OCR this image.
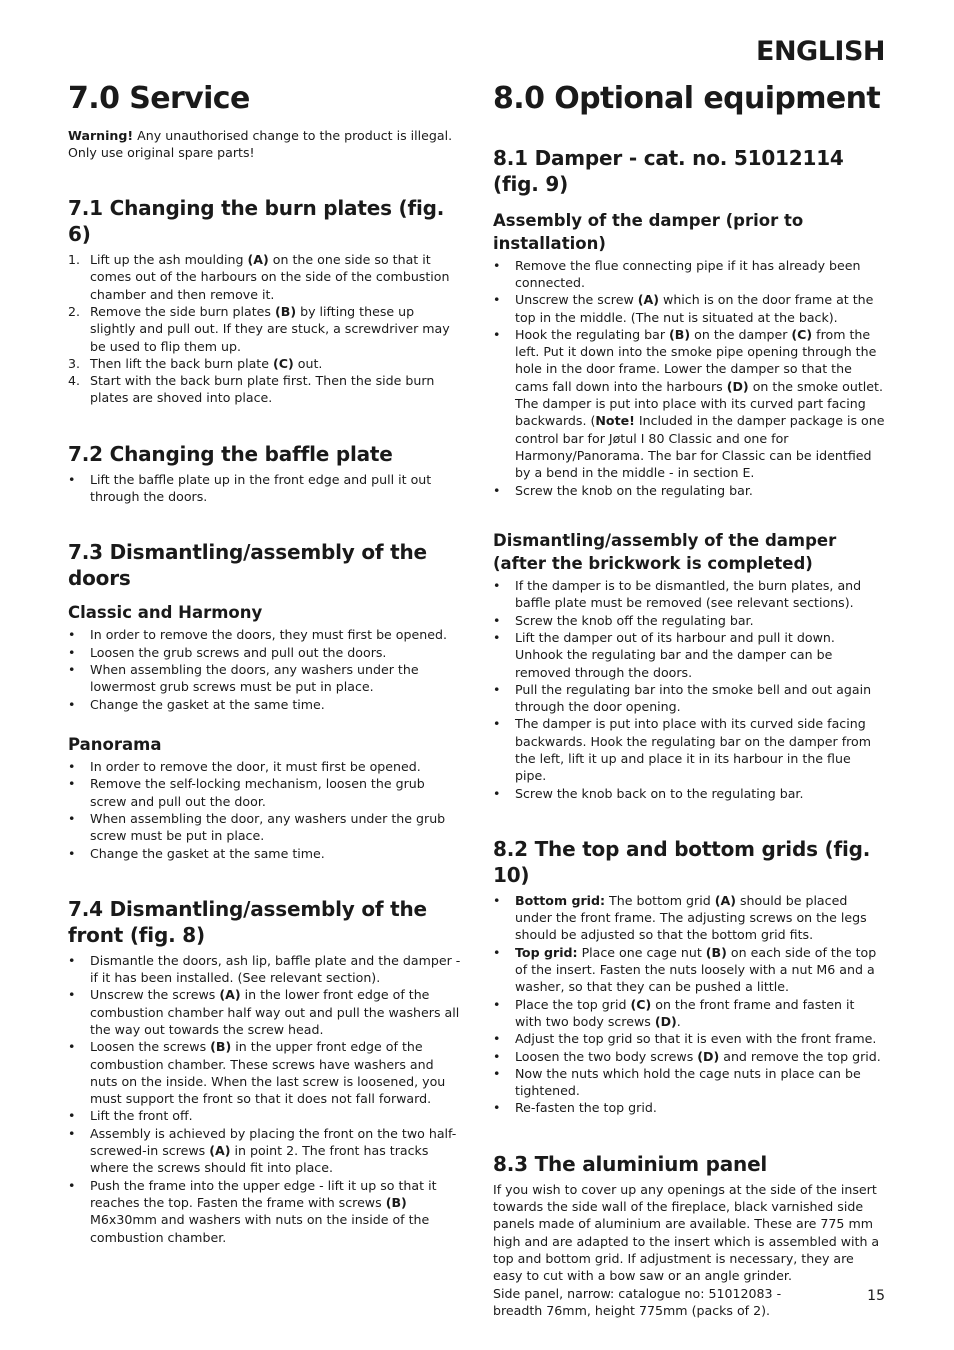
ENGLISH
7.0 Service

Warning! Any unauthorised change to the product is illegal. Only use original spare parts!

7.1 Changing the burn plates (fig. 6)
1. Lift up the ash moulding (A) on the one side so that it comes out of the harbours on the side of the combustion chamber and then remove it.
2. Remove the side burn plates (B) by lifting these up slightly and pull out. If they are stuck, a screwdriver may be used to flip them up.
3. Then lift the back burn plate (C) out.
4. Start with the back burn plate first. Then the side burn plates are shoved into place.
7.2 Changing the baffle plate
• Lift the baffle plate up in the front edge and pull it out through the doors.
7.3 Dismantling/assembly of the doors
Classic and Harmony
• In order to remove the doors, they must first be opened.
• Loosen the grub screws and pull out the doors.
• When assembling the doors, any washers under the lowermost grub screws must be put in place.
• Change the gasket at the same time.
Panorama
• In order to remove the door, it must first be opened.
• Remove the self-locking mechanism, loosen the grub screw and pull out the door.
• When assembling the door, any washers under the grub screw must be put in place.
• Change the gasket at the same time.
7.4 Dismantling/assembly of the front (fig. 8)
• Dismantle the doors, ash lip, baffle plate and the damper - if it has been installed. (See relevant section).
• Unscrew the screws (A) in the lower front edge of the combustion chamber half way out and pull the washers all the way out towards the screw head.
• Loosen the screws (B) in the upper front edge of the combustion chamber. These screws have washers and nuts on the inside. When the last screw is loosened, you must support the front so that it does not fall forward.
• Lift the front off.
• Assembly is achieved by placing the front on the two half-screwed-in screws (A) in point 2. The front has tracks where the screws should fit into place.
• Push the frame into the upper edge - lift it up so that it reaches the top. Fasten the frame with screws (B) M6x30mm and washers with nuts on the inside of the combustion chamber.
8.0 Optional equipment
8.1 Damper - cat. no. 51012114 (fig. 9)
Assembly of the damper (prior to installation)
• Remove the flue connecting pipe if it has already been connected.
• Unscrew the screw (A) which is on the door frame at the top in the middle. (The nut is situated at the back).
• Hook the regulating bar (B) on the damper (C) from the left. Put it down into the smoke pipe opening through the hole in the door frame. Lower the damper so that the cams fall down into the harbours (D) on the smoke outlet. The damper is put into place with its curved part facing backwards. (Note! Included in the damper package is one control bar for Jøtul I 80 Classic and one for Harmony/Panorama. The bar for Classic can be identfied by a bend in the middle - in section E.
• Screw the knob on the regulating bar.
Dismantling/assembly of the damper (after the brickwork is completed)
• If the damper is to be dismantled, the burn plates, and baffle plate must be removed (see relevant sections).
• Screw the knob off the regulating bar.
• Lift the damper out of its harbour and pull it down. Unhook the regulating bar and the damper can be removed through the doors.
• Pull the regulating bar into the smoke bell and out again through the door opening.
• The damper is put into place with its curved side facing backwards. Hook the regulating bar on the damper from the left, lift it up and place it in its harbour in the flue pipe.
• Screw the knob back on to the regulating bar.
8.2 The top and bottom grids (fig. 10)
• Bottom grid: The bottom grid (A) should be placed under the front frame. The adjusting screws on the legs should be adjusted so that the bottom grid fits.
• Top grid: Place one cage nut (B) on each side of the top of the insert. Fasten the nuts loosely with a nut M6 and a washer, so that they can be pushed a little.
• Place the top grid (C) on the front frame and fasten it with two body screws (D).
• Adjust the top grid so that it is even with the front frame.
• Loosen the two body screws (D) and remove the top grid.
• Now the nuts which hold the cage nuts in place can be tightened.
• Re-fasten the top grid.
8.3 The aluminium panel

If you wish to cover up any openings at the side of the insert towards the side wall of the fireplace, black varnished side panels made of aluminium are available. These are 775 mm high and are adapted to the insert which is assembled with a top and bottom grid. If adjustment is necessary, they are easy to cut with a bow saw or an angle grinder.

Side panel, narrow: catalogue no: 51012083 -

breadth 76mm, height 775mm (packs of 2).

15
